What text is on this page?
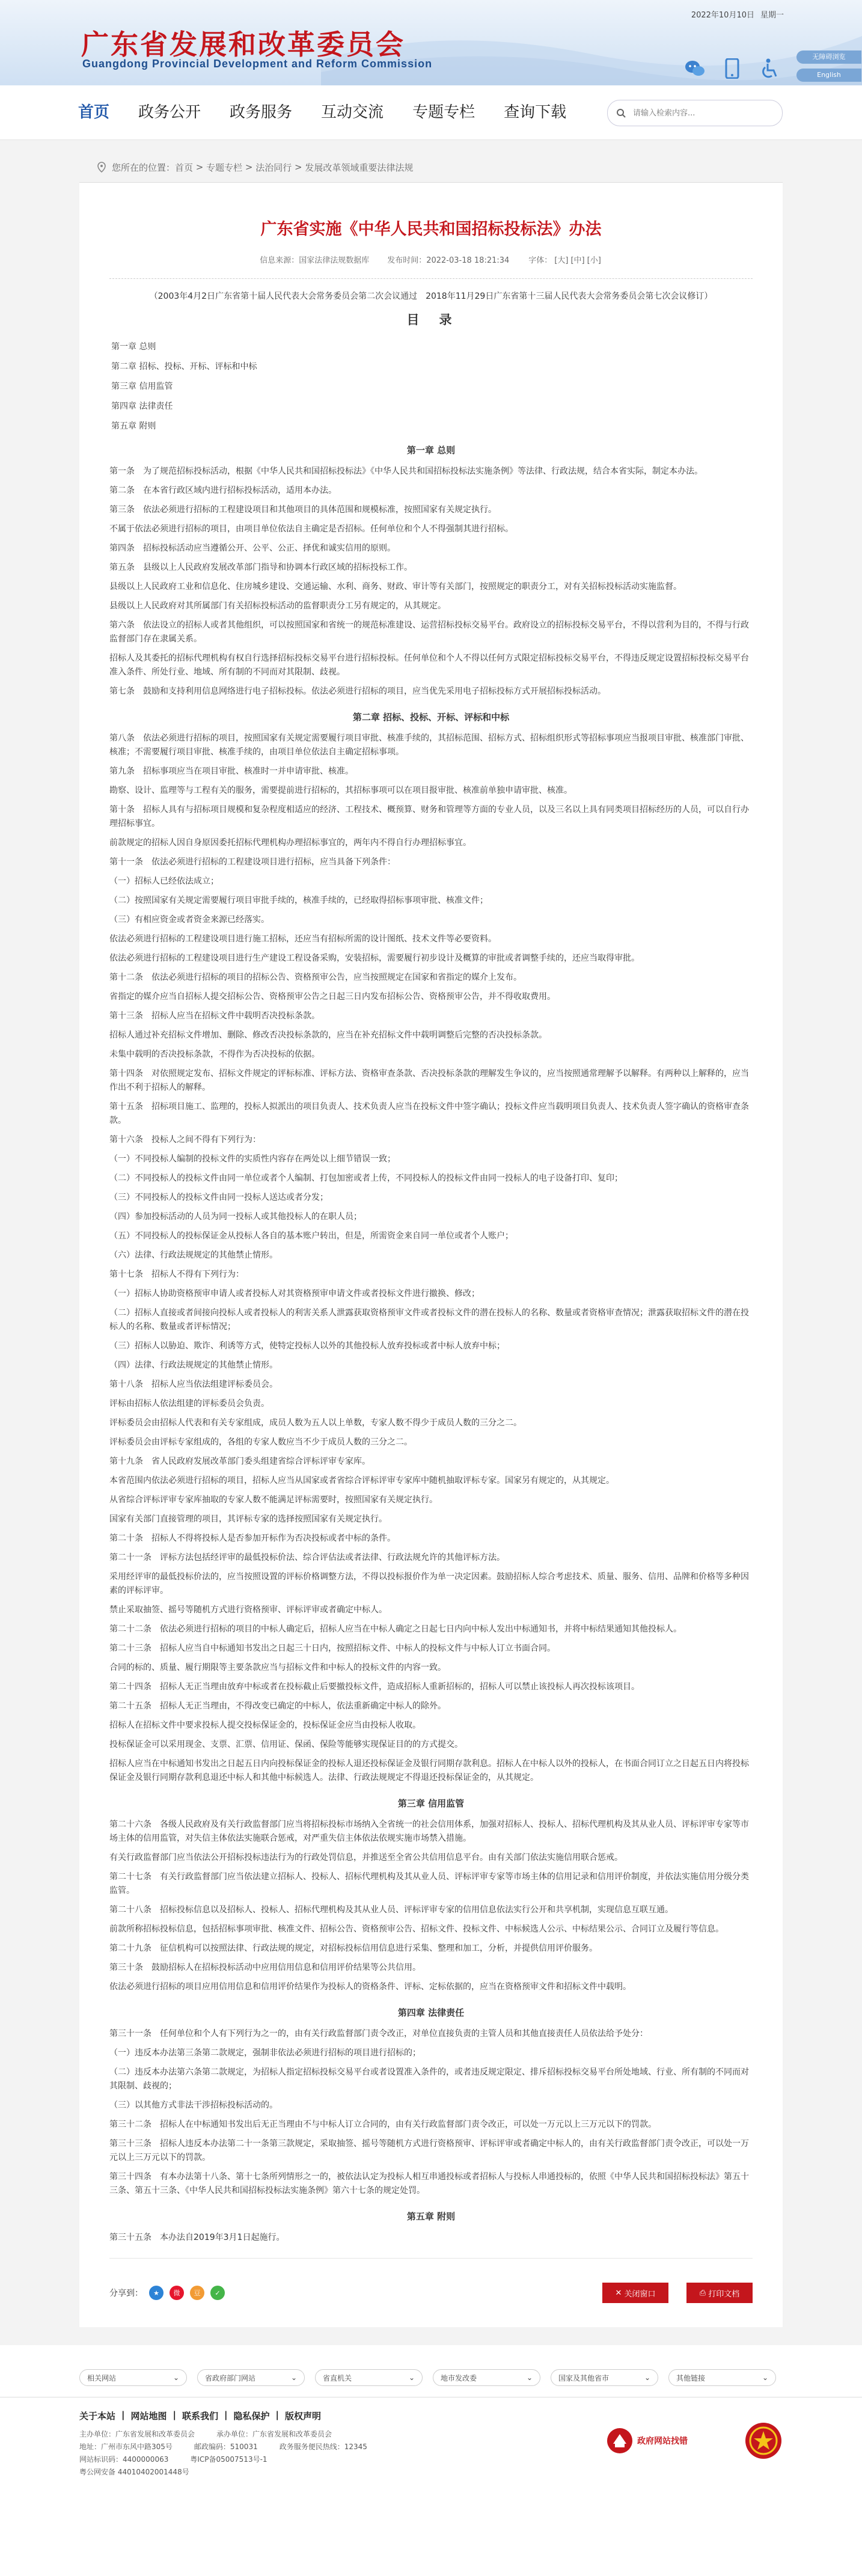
广东省发展和改革委员会
Guangdong Provincial Development and Reform Commission
2022年10月10日 星期一
无障碍浏览
English
首页 政务公开 政务服务 互动交流 专题专栏 查询下载
请输入检索内容...
您所在的位置： 首页 > 专题专栏 > 法治同行 > 发展改革领域重要法律法规
广东省实施《中华人民共和国招标投标法》办法
信息来源：国家法律法规数据库 发布时间：2022-03-18 18:21:34 字体： [大] [中] [小]
（2003年4月2日广东省第十届人民代表大会常务委员会第二次会议通过　2018年11月29日广东省第十三届人民代表大会常务委员会第七次会议修订）
目　录

第一章 总则

第二章 招标、投标、开标、评标和中标

第三章 信用监管

第四章 法律责任

第五章 附则

第一章 总则

第一条　为了规范招标投标活动，根据《中华人民共和国招标投标法》《中华人民共和国招标投标法实施条例》等法律、行政法规，结合本省实际，制定本办法。

第二条　在本省行政区域内进行招标投标活动，适用本办法。

第三条　依法必须进行招标的工程建设项目和其他项目的具体范围和规模标准，按照国家有关规定执行。

不属于依法必须进行招标的项目，由项目单位依法自主确定是否招标。任何单位和个人不得强制其进行招标。

第四条　招标投标活动应当遵循公开、公平、公正、择优和诚实信用的原则。

第五条　县级以上人民政府发展改革部门指导和协调本行政区域的招标投标工作。

县级以上人民政府工业和信息化、住房城乡建设、交通运输、水利、商务、财政、审计等有关部门，按照规定的职责分工，对有关招标投标活动实施监督。

县级以上人民政府对其所属部门有关招标投标活动的监督职责分工另有规定的，从其规定。

第六条　依法设立的招标人或者其他组织，可以按照国家和省统一的规范标准建设、运营招标投标交易平台。政府设立的招标投标交易平台，不得以营利为目的，不得与行政监督部门存在隶属关系。

招标人及其委托的招标代理机构有权自行选择招标投标交易平台进行招标投标。任何单位和个人不得以任何方式限定招标投标交易平台，不得违反规定设置招标投标交易平台准入条件、所处行业、地域、所有制的不同而对其限制、歧视。

第七条　鼓励和支持利用信息网络进行电子招标投标。依法必须进行招标的项目，应当优先采用电子招标投标方式开展招标投标活动。

第二章 招标、投标、开标、评标和中标

第八条　依法必须进行招标的项目，按照国家有关规定需要履行项目审批、核准手续的，其招标范围、招标方式、招标组织形式等招标事项应当报项目审批、核准部门审批、核准；不需要履行项目审批、核准手续的，由项目单位依法自主确定招标事项。

第九条　招标事项应当在项目审批、核准时一并申请审批、核准。

勘察、设计、监理等与工程有关的服务，需要提前进行招标的，其招标事项可以在项目报审批、核准前单独申请审批、核准。

第十条　招标人具有与招标项目规模和复杂程度相适应的经济、工程技术、概预算、财务和管理等方面的专业人员，以及三名以上具有同类项目招标经历的人员，可以自行办理招标事宜。

前款规定的招标人因自身原因委托招标代理机构办理招标事宜的，两年内不得自行办理招标事宜。

第十一条　依法必须进行招标的工程建设项目进行招标，应当具备下列条件：

（一）招标人已经依法成立；

（二）按照国家有关规定需要履行项目审批手续的，核准手续的，已经取得招标事项审批、核准文件；

（三）有相应资金或者资金来源已经落实。

依法必须进行招标的工程建设项目进行施工招标，还应当有招标所需的设计图纸、技术文件等必要资料。

依法必须进行招标的工程建设项目进行生产建设工程设备采购，安装招标，需要履行初步设计及概算的审批或者调整手续的，还应当取得审批。

第十二条　依法必须进行招标的项目的招标公告、资格预审公告，应当按照规定在国家和省指定的媒介上发布。

省指定的媒介应当自招标人提交招标公告、资格预审公告之日起三日内发布招标公告、资格预审公告，并不得收取费用。

第十三条　招标人应当在招标文件中载明否决投标条款。

招标人通过补充招标文件增加、删除、修改否决投标条款的，应当在补充招标文件中载明调整后完整的否决投标条款。

未集中载明的否决投标条款，不得作为否决投标的依据。

第十四条　对依照规定发布、招标文件规定的评标标准、评标方法、资格审查条款、否决投标条款的理解发生争议的，应当按照通常理解予以解释。有两种以上解释的，应当作出不利于招标人的解释。

第十五条　招标项目施工、监理的，投标人拟派出的项目负责人、技术负责人应当在投标文件中签字确认；投标文件应当载明项目负责人、技术负责人签字确认的资格审查条款。

第十六条　投标人之间不得有下列行为：

（一）不同投标人编制的投标文件的实质性内容存在两处以上细节错误一致；

（二）不同投标人的投标文件由同一单位或者个人编制、打包加密或者上传，不同投标人的投标文件由同一投标人的电子设备打印、复印；

（三）不同投标人的投标文件由同一投标人送达或者分发；

（四）参加投标活动的人员为同一投标人或其他投标人的在职人员；

（五）不同投标人的投标保证金从投标人各自的基本账户转出，但是，所需资金来自同一单位或者个人账户；

（六）法律、行政法规规定的其他禁止情形。

第十七条　招标人不得有下列行为：

（一）招标人协助资格预审申请人或者投标人对其资格预审申请文件或者投标文件进行撤换、修改；

（二）招标人直接或者间接向投标人或者投标人的利害关系人泄露获取资格预审文件或者投标文件的潜在投标人的名称、数量或者资格审查情况；泄露获取招标文件的潜在投标人的名称、数量或者评标情况；

（三）招标人以胁迫、欺诈、利诱等方式，使特定投标人以外的其他投标人放弃投标或者中标人放弃中标；

（四）法律、行政法规规定的其他禁止情形。

第十八条　招标人应当依法组建评标委员会。

评标由招标人依法组建的评标委员会负责。

评标委员会由招标人代表和有关专家组成，成员人数为五人以上单数，专家人数不得少于成员人数的三分之二。

评标委员会由评标专家组成的，各组的专家人数应当不少于成员人数的三分之二。

第十九条　省人民政府发展改革部门委头组建省综合评标评审专家库。

本省范围内依法必须进行招标的项目，招标人应当从国家或者省综合评标评审专家库中随机抽取评标专家。国家另有规定的，从其规定。

从省综合评标评审专家库抽取的专家人数不能满足评标需要时，按照国家有关规定执行。

国家有关部门直接管理的项目，其评标专家的选择按照国家有关规定执行。

第二十条　招标人不得将投标人是否参加开标作为否决投标或者中标的条件。

第二十一条　评标方法包括经评审的最低投标价法、综合评估法或者法律、行政法规允许的其他评标方法。

采用经评审的最低投标价法的，应当按照设置的评标价格调整方法，不得以投标报价作为单一决定因素。鼓励招标人综合考虑技术、质量、服务、信用、品牌和价格等多种因素的评标评审。

禁止采取抽签、摇号等随机方式进行资格预审、评标评审或者确定中标人。

第二十二条　依法必须进行招标的项目的中标人确定后，招标人应当在中标人确定之日起七日内向中标人发出中标通知书，并将中标结果通知其他投标人。

第二十三条　招标人应当自中标通知书发出之日起三十日内，按照招标文件、中标人的投标文件与中标人订立书面合同。

合同的标的、质量、履行期限等主要条款应当与招标文件和中标人的投标文件的内容一致。

第二十四条　招标人无正当理由放弃中标或者在投标截止后要撤投标文件，造成招标人重新招标的，招标人可以禁止该投标人再次投标该项目。

第二十五条　招标人无正当理由，不得改变已确定的中标人，依法重新确定中标人的除外。

招标人在招标文件中要求投标人提交投标保证金的，投标保证金应当由投标人收取。

投标保证金可以采用现金、支票、汇票、信用证、保函、保险等能够实现保证目的的方式提交。

招标人应当在中标通知书发出之日起五日内向投标保证金的投标人退还投标保证金及银行同期存款利息。招标人在中标人以外的投标人，在书面合同订立之日起五日内将投标保证金及银行同期存款利息退还中标人和其他中标候选人。法律、行政法规规定不得退还投标保证金的，从其规定。

第三章 信用监管

第二十六条　各级人民政府及有关行政监督部门应当将招标投标市场纳入全省统一的社会信用体系，加强对招标人、投标人、招标代理机构及其从业人员、评标评审专家等市场主体的信用监管，对失信主体依法实施联合惩戒，对严重失信主体依法依规实施市场禁入措施。

有关行政监督部门应当依法公开招标投标违法行为的行政处罚信息，并推送至全省公共信用信息平台。由有关部门依法实施信用联合惩戒。

第二十七条　有关行政监督部门应当依法建立招标人、投标人、招标代理机构及其从业人员、评标评审专家等市场主体的信用记录和信用评价制度，并依法实施信用分级分类监管。

第二十八条　招标投标信息以及招标人、投标人、招标代理机构及其从业人员、评标评审专家的信用信息依法实行公开和共享机制，实现信息互联互通。

前款所称招标投标信息，包括招标事项审批、核准文件、招标公告、资格预审公告、招标文件、投标文件、中标候选人公示、中标结果公示、合同订立及履行等信息。

第二十九条　征信机构可以按照法律、行政法规的规定，对招标投标信用信息进行采集、整理和加工，分析，并提供信用评价服务。

第三十条　鼓励招标人在招标投标活动中应用信用信息和信用评价结果等公共信用。

依法必须进行招标的项目应用信用信息和信用评价结果作为投标人的资格条件、评标、定标依据的，应当在资格预审文件和招标文件中载明。

第四章 法律责任

第三十一条　任何单位和个人有下列行为之一的，由有关行政监督部门责令改正，对单位直接负责的主管人员和其他直接责任人员依法给予处分：

（一）违反本办法第三条第二款规定，强制非依法必须进行招标的项目进行招标的；

（二）违反本办法第六条第二款规定，为招标人指定招标投标交易平台或者设置准入条件的，或者违反规定限定、排斥招标投标交易平台所处地域、行业、所有制的不同而对其限制、歧视的；

（三）以其他方式非法干涉招标投标活动的。

第三十二条　招标人在中标通知书发出后无正当理由不与中标人订立合同的，由有关行政监督部门责令改正，可以处一万元以上三万元以下的罚款。

第三十三条　招标人违反本办法第二十一条第三款规定，采取抽签、摇号等随机方式进行资格预审、评标评审或者确定中标人的，由有关行政监督部门责令改正，可以处一万元以上三万元以下的罚款。

第三十四条　有本办法第十八条、第十七条所列情形之一的，被依法认定为投标人相互串通投标或者招标人与投标人串通投标的，依照《中华人民共和国招标投标法》第五十三条、第五十三条、《中华人民共和国招标投标法实施条例》第六十七条的规定处罚。

第五章 附则

第三十五条　本办法自2019年3月1日起施行。

分享到：	★	微	豆	✓	✕ 关闭窗口	⎙ 打印文档
相关网站	⌄	省政府部门网站	⌄	省直机关	⌄	地市发改委	⌄	国家及其他省市	⌄	其他链接	⌄
关于本站 | 网站地图 | 联系我们 | 隐私保护 | 版权声明
主办单位：广东省发展和改革委员会　　　承办单位：广东省发展和改革委员会
地址：广州市东风中路305号　　　邮政编码：510031　　　政务服务便民热线：12345
网站标识码：4400000063　　　粤ICP备05007513号-1
粤公网安备 44010402001448号
政府网站找错
